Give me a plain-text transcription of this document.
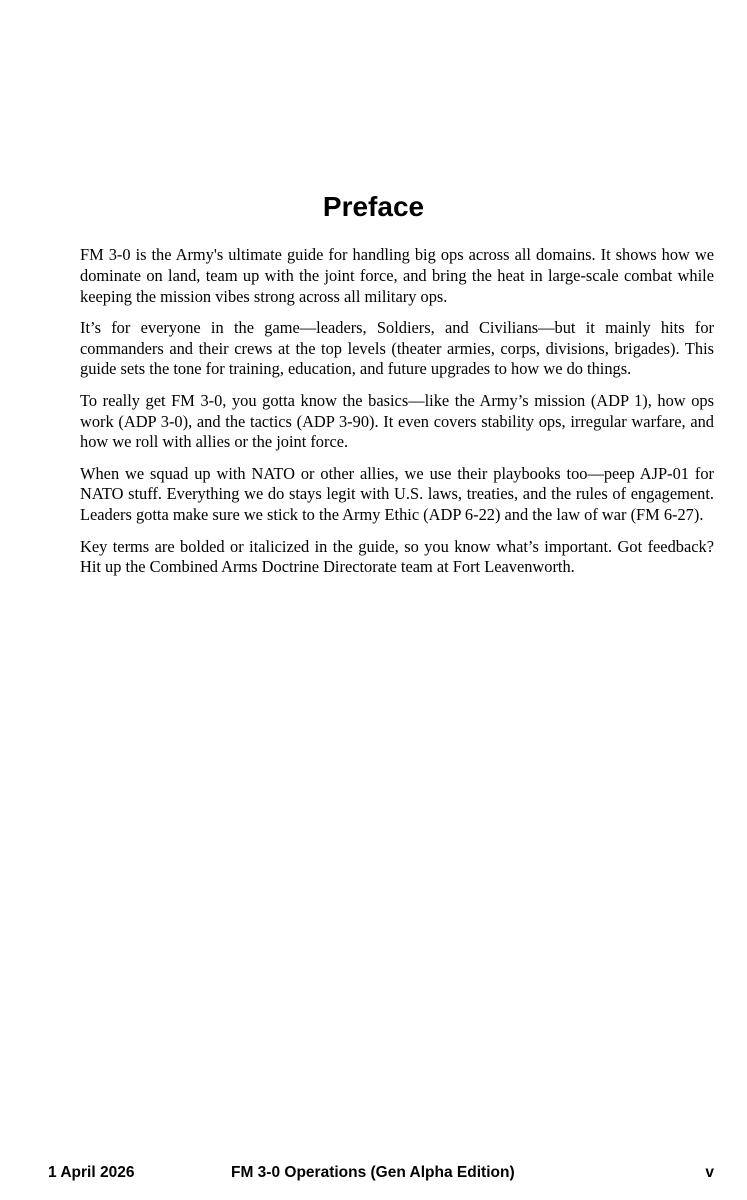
Preface

FM 3-0 is the Army's ultimate guide for handling big ops across all domains. It shows how we dominate on land, team up with the joint force, and bring the heat in large-scale combat while keeping the mission vibes strong across all military ops.

It’s for everyone in the game—leaders, Soldiers, and Civilians—but it mainly hits for commanders and their crews at the top levels (theater armies, corps, divisions, brigades). This guide sets the tone for training, education, and future upgrades to how we do things.

To really get FM 3-0, you gotta know the basics—like the Army’s mission (ADP 1), how ops work (ADP 3-0), and the tactics (ADP 3-90). It even covers stability ops, irregular warfare, and how we roll with allies or the joint force.

When we squad up with NATO or other allies, we use their playbooks too—peep AJP-01 for NATO stuff. Everything we do stays legit with U.S. laws, treaties, and the rules of engagement. Leaders gotta make sure we stick to the Army Ethic (ADP 6-22) and the law of war (FM 6-27).

Key terms are bolded or italicized in the guide, so you know what’s important. Got feedback? Hit up the Combined Arms Doctrine Directorate team at Fort Leavenworth.

1 April 2026	FM 3-0 Operations (Gen Alpha Edition)	v
